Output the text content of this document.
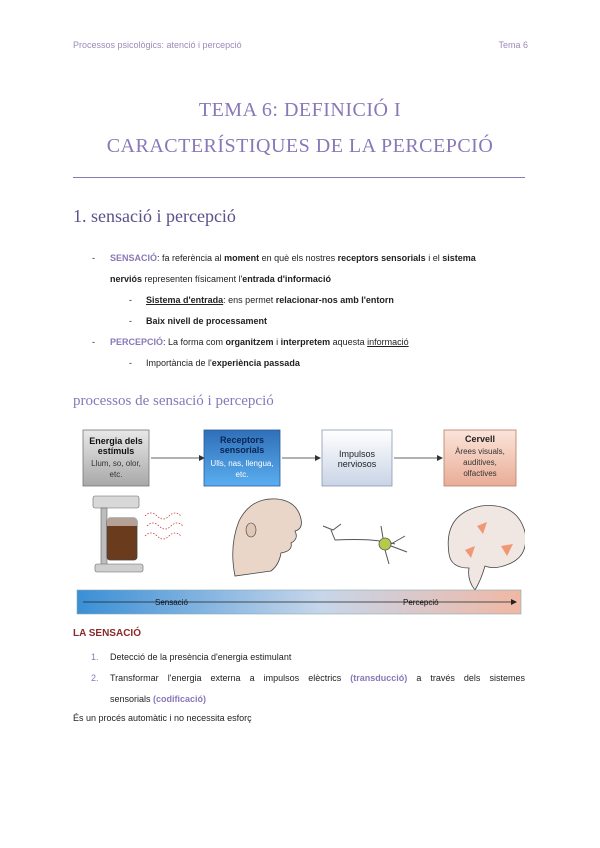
Processos psicològics: atenció i percepció	Tema 6
TEMA 6: DEFINICIÓ I
CARACTERÍSTIQUES DE LA PERCEPCIÓ
1. sensació i percepció
- SENSACIÓ: fa referència al moment en què els nostres receptors sensorials i el sistema
nerviós representen físicament l'entrada d'informació
- Sistema d'entrada: ens permet relacionar-nos amb l'entorn
- Baix nivell de processament
- PERCEPCIÓ: La forma com organitzem i interpretem aquesta informació
- Importància de l'experiència passada
processos de sensació i percepció
Energia dels
estímuls
Llum, so, olor,
etc.
Receptors
sensorials
Ulls, nas, llengua,
etc.
Impulsos
nerviosos
Cervell
Àrees visuals,
auditives,
olfactives
Sensació	Percepció
LA SENSACIÓ
1. Detecció de la presència d'energia estimulant
2. Transformar l'energia externa a impulsos elèctrics (transducció) a través dels sistemes
sensorials (codificació)
És un procés automàtic i no necessita esforç
